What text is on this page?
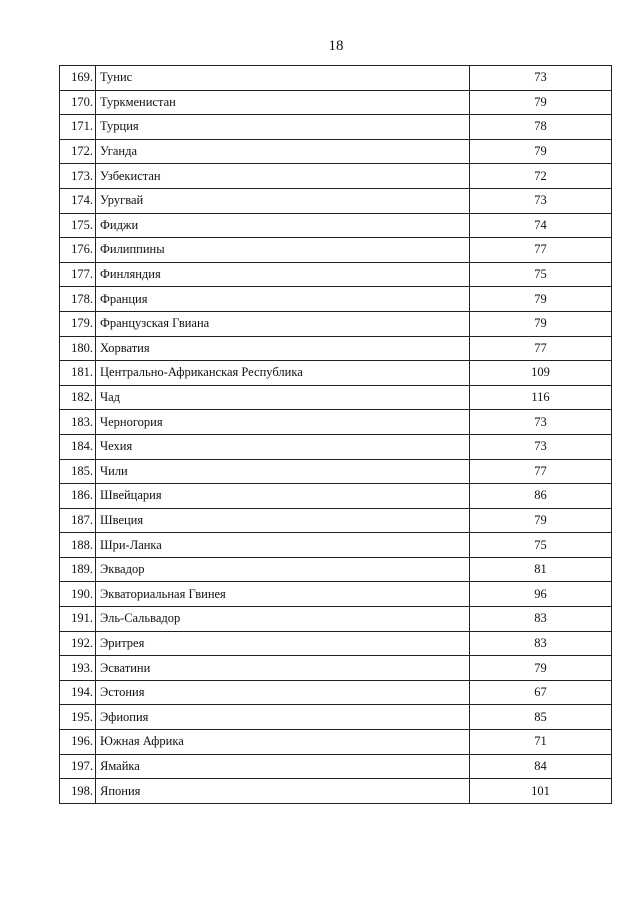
18
169.	Тунис	73
170.	Туркменистан	79
171.	Турция	78
172.	Уганда	79
173.	Узбекистан	72
174.	Уругвай	73
175.	Фиджи	74
176.	Филиппины	77
177.	Финляндия	75
178.	Франция	79
179.	Французская Гвиана	79
180.	Хорватия	77
181.	Центрально-Африканская Республика	109
182.	Чад	116
183.	Черногория	73
184.	Чехия	73
185.	Чили	77
186.	Швейцария	86
187.	Швеция	79
188.	Шри-Ланка	75
189.	Эквадор	81
190.	Экваториальная Гвинея	96
191.	Эль-Сальвадор	83
192.	Эритрея	83
193.	Эсватини	79
194.	Эстония	67
195.	Эфиопия	85
196.	Южная Африка	71
197.	Ямайка	84
198.	Япония	101
